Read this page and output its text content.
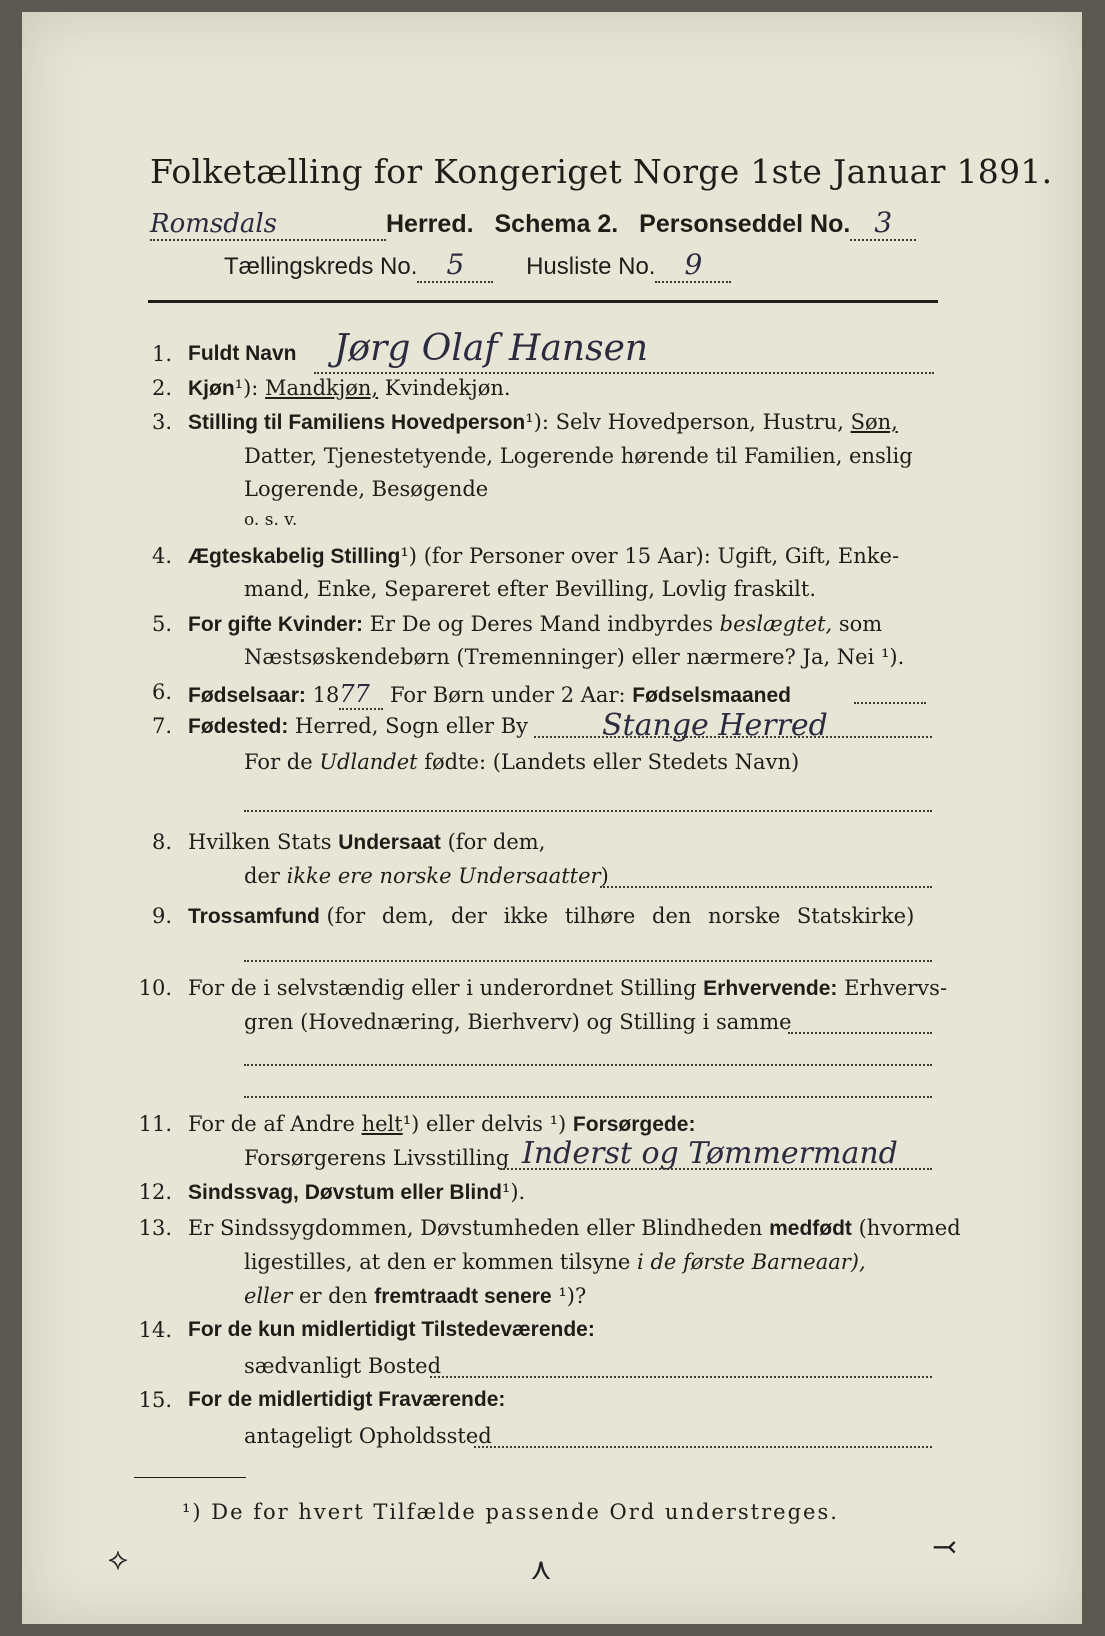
Folketælling for Kongeriget Norge 1ste Januar 1891.
Romsdals	Herred. Schema 2. Personseddel No. 3
Tællingskreds No. 5	Husliste No. 9
1. Fuldt Navn Jørg Olaf Hansen
2. Kjøn¹): Mandkjøn, Kvindekjøn.
3. Stilling til Familiens Hovedperson¹): Selv Hovedperson, Hustru, Søn,
Datter, Tjenestetyende, Logerende hørende til Familien, enslig
Logerende, Besøgende
o. s. v.
4. Ægteskabelig Stilling¹) (for Personer over 15 Aar): Ugift, Gift, Enke-
mand, Enke, Separeret efter Bevilling, Lovlig fraskilt.
5. For gifte Kvinder: Er De og Deres Mand indbyrdes beslægtet, som
Næstsøskendebørn (Tremenninger) eller nærmere? Ja, Nei ¹).
6. Fødselsaar: 1877 For Børn under 2 Aar: Fødselsmaaned
7. Fødested: Herred, Sogn eller By Stange Herred
For de Udlandet fødte: (Landets eller Stedets Navn)
8. Hvilken Stats Undersaat (for dem,
der ikke ere norske Undersaatter)
9. Trossamfund (for dem, der ikke tilhøre den norske Statskirke)
10. For de i selvstændig eller i underordnet Stilling Erhvervende: Erhvervs-
gren (Hovednæring, Bierhverv) og Stilling i samme
11. For de af Andre helt¹) eller delvis ¹) Forsørgede:
Forsørgerens Livsstilling Inderst og Tømmermand
12. Sindssvag, Døvstum eller Blind¹).
13. Er Sindssygdommen, Døvstumheden eller Blindheden medfødt (hvormed
ligestilles, at den er kommen tilsyne i de første Barneaar),
eller er den fremtraadt senere ¹)?
14. For de kun midlertidigt Tilstedeværende:
sædvanligt Bosted
15. For de midlertidigt Fraværende:
antageligt Opholdssted
¹) De for hvert Tilfælde passende Ord understreges.
⟡	⋏
⤙
